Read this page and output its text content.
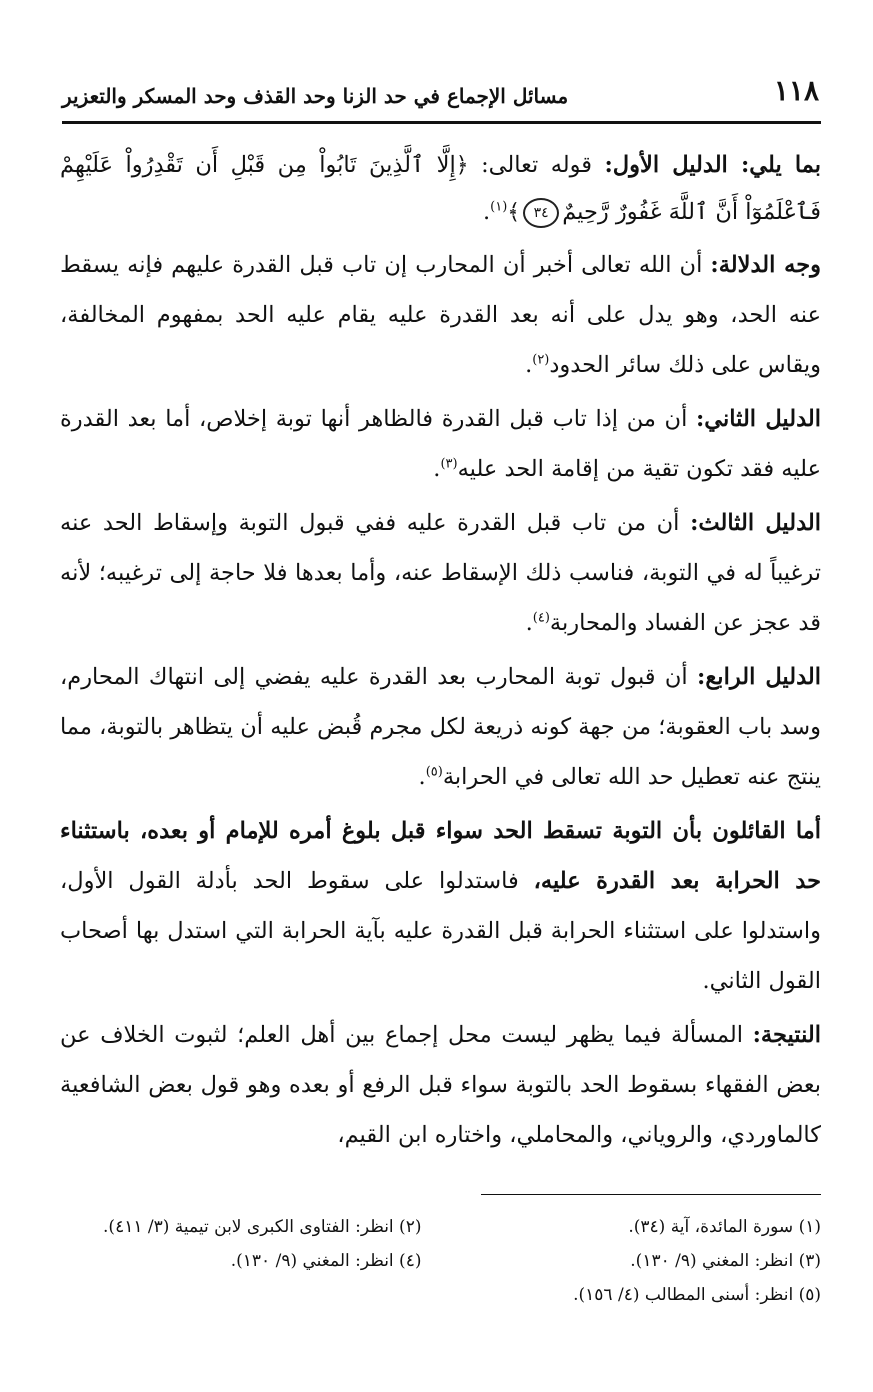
١١٨
مسائل الإجماع في حد الزنا وحد القذف وحد المسكر والتعزير

بما يلي: الدليل الأول: قوله تعالى: ﴿إِلَّا ٱلَّذِينَ تَابُواْ مِن قَبْلِ أَن تَقْدِرُواْ عَلَيْهِمْ فَٱعْلَمُوٓاْ أَنَّ ٱللَّهَ غَفُورٌ رَّحِيمٌ٣٤﴾$^{(١)}$.

وجه الدلالة: أن الله تعالى أخبر أن المحارب إن تاب قبل القدرة عليهم فإنه يسقط عنه الحد، وهو يدل على أنه بعد القدرة عليه يقام عليه الحد بمفهوم المخالفة، ويقاس على ذلك سائر الحدود$^{(٢)}$.

الدليل الثاني: أن من إذا تاب قبل القدرة فالظاهر أنها توبة إخلاص، أما بعد القدرة عليه فقد تكون تقية من إقامة الحد عليه$^{(٣)}$.

الدليل الثالث: أن من تاب قبل القدرة عليه ففي قبول التوبة وإسقاط الحد عنه ترغيباً له في التوبة، فناسب ذلك الإسقاط عنه، وأما بعدها فلا حاجة إلى ترغيبه؛ لأنه قد عجز عن الفساد والمحاربة$^{(٤)}$.

الدليل الرابع: أن قبول توبة المحارب بعد القدرة عليه يفضي إلى انتهاك المحارم، وسد باب العقوبة؛ من جهة كونه ذريعة لكل مجرم قُبض عليه أن يتظاهر بالتوبة، مما ينتج عنه تعطيل حد الله تعالى في الحرابة$^{(٥)}$.

أما القائلون بأن التوبة تسقط الحد سواء قبل بلوغ أمره للإمام أو بعده، باستثناء حد الحرابة بعد القدرة عليه، فاستدلوا على سقوط الحد بأدلة القول الأول، واستدلوا على استثناء الحرابة قبل القدرة عليه بآية الحرابة التي استدل بها أصحاب القول الثاني.

النتيجة: المسألة فيما يظهر ليست محل إجماع بين أهل العلم؛ لثبوت الخلاف عن بعض الفقهاء بسقوط الحد بالتوبة سواء قبل الرفع أو بعده وهو قول بعض الشافعية كالماوردي، والروياني، والمحاملي، واختاره ابن القيم،

(١) سورة المائدة، آية (٣٤).
(٢) انظر: الفتاوى الكبرى لابن تيمية (٣/ ٤١١).
(٣) انظر: المغني (٩/ ١٣٠).
(٤) انظر: المغني (٩/ ١٣٠).
(٥) انظر: أسنى المطالب (٤/ ١٥٦).
